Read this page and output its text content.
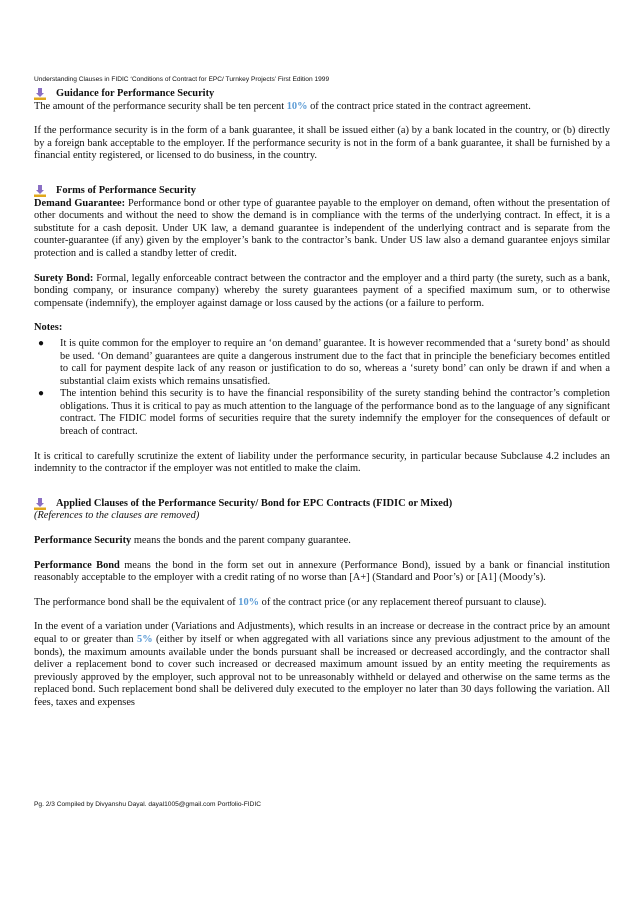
Understanding Clauses in FIDIC ‘Conditions of Contract for EPC/ Turnkey Projects’ First Edition 1999
Guidance for Performance Security

The amount of the performance security shall be ten percent 10% of the contract price stated in the contract agreement.

If the performance security is in the form of a bank guarantee, it shall be issued either (a) by a bank located in the country, or (b) directly by a foreign bank acceptable to the employer. If the performance security is not in the form of a bank guarantee, it shall be furnished by a financial entity registered, or licensed to do business, in the country.

Forms of Performance Security

Demand Guarantee: Performance bond or other type of guarantee payable to the employer on demand, often without the presentation of other documents and without the need to show the demand is in compliance with the terms of the underlying contract. In effect, it is a substitute for a cash deposit. Under UK law, a demand guarantee is independent of the underlying contract and is separate from the counter-guarantee (if any) given by the employer’s bank to the contractor’s bank. Under US law also a demand guarantee enjoys similar protection and is called a standby letter of credit.

Surety Bond: Formal, legally enforceable contract between the contractor and the employer and a third party (the surety, such as a bank, bonding company, or insurance company) whereby the surety guarantees payment of a specified maximum sum, or to otherwise compensate (indemnify), the employer against damage or loss caused by the actions (or a failure to perform.

Notes:

● It is quite common for the employer to require an ‘on demand’ guarantee. It is however recommended that a ‘surety bond’ as should be used. ‘On demand’ guarantees are quite a dangerous instrument due to the fact that in principle the beneficiary becomes entitled to call for payment despite lack of any reason or justification to do so, whereas a ‘surety bond’ can only be drawn if and when a substantial claim exists which remains unsatisfied.
● The intention behind this security is to have the financial responsibility of the surety standing behind the contractor’s completion obligations. Thus it is critical to pay as much attention to the language of the performance bond as to the language of any significant contract. The FIDIC model forms of securities require that the surety indemnify the employer for the consequences of default or breach of contract.

It is critical to carefully scrutinize the extent of liability under the performance security, in particular because Subclause 4.2 includes an indemnity to the contractor if the employer was not entitled to make the claim.

Applied Clauses of the Performance Security/ Bond for EPC Contracts (FIDIC or Mixed)

(References to the clauses are removed)

Performance Security means the bonds and the parent company guarantee.

Performance Bond means the bond in the form set out in annexure (Performance Bond), issued by a bank or financial institution reasonably acceptable to the employer with a credit rating of no worse than [A+] (Standard and Poor’s) or [A1] (Moody’s).

The performance bond shall be the equivalent of 10% of the contract price (or any replacement thereof pursuant to clause).

In the event of a variation under (Variations and Adjustments), which results in an increase or decrease in the contract price by an amount equal to or greater than 5% (either by itself or when aggregated with all variations since any previous adjustment to the amount of the bonds), the maximum amounts available under the bonds pursuant shall be increased or decreased accordingly, and the contractor shall deliver a replacement bond to cover such increased or decreased maximum amount issued by an entity meeting the requirements as previously approved by the employer, such approval not to be unreasonably withheld or delayed and otherwise on the same terms as the replaced bond. Such replacement bond shall be delivered duly executed to the employer no later than 30 days following the variation. All fees, taxes and expenses

Pg. 2/3 Compiled by Divyanshu Dayal. dayal1005@gmail.com Portfolio-FIDIC
